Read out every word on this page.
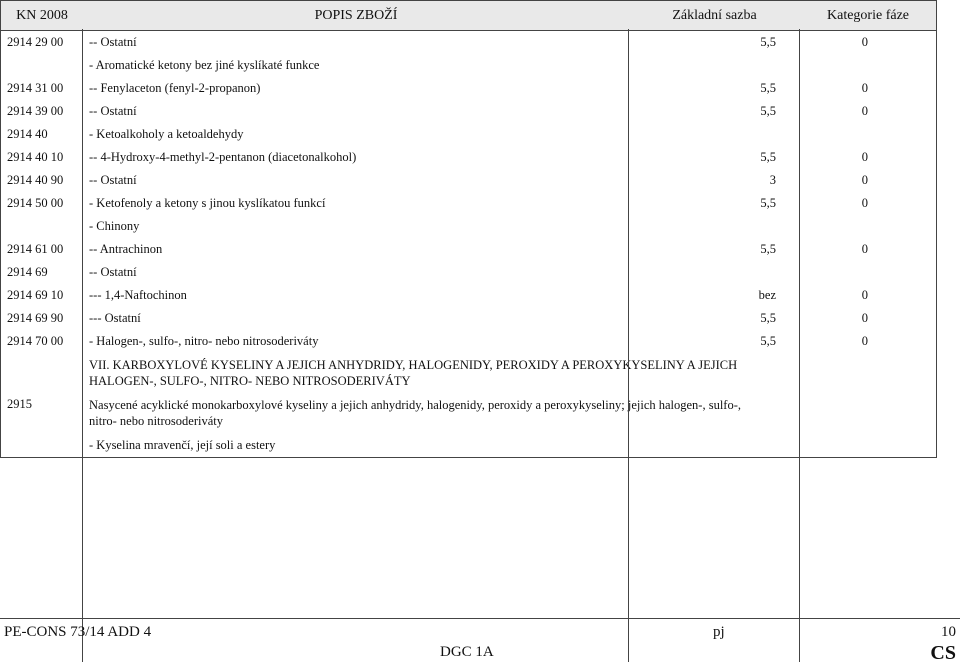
KN 2008	POPIS ZBOŽÍ	Základní sazba	Kategorie fáze
2914 29 00	-- Ostatní	5,5	0
- Aromatické ketony bez jiné kyslíkaté funkce
2914 31 00	-- Fenylaceton (fenyl-2-propanon)	5,5	0
2914 39 00	-- Ostatní	5,5	0
2914 40	- Ketoalkoholy a ketoaldehydy
2914 40 10	-- 4-Hydroxy-4-methyl-2-pentanon (diacetonalkohol)	5,5	0
2914 40 90	-- Ostatní	3	0
2914 50 00	- Ketofenoly a ketony s jinou kyslíkatou funkcí	5,5	0
- Chinony
2914 61 00	-- Antrachinon	5,5	0
2914 69	-- Ostatní
2914 69 10	--- 1,4-Naftochinon	bez	0
2914 69 90	--- Ostatní	5,5	0
2914 70 00	- Halogen-, sulfo-, nitro- nebo nitrosoderiváty	5,5	0
VII. KARBOXYLOVÉ KYSELINY A JEJICH ANHYDRIDY, HALOGENIDY, PEROXIDY A PEROXYKYSELINY A JEJICH HALOGEN-, SULFO-, NITRO- NEBO NITROSODERIVÁTY
2915	Nasycené acyklické monokarboxylové kyseliny a jejich anhydridy, halogenidy, peroxidy a peroxykyseliny; jejich halogen-, sulfo-, nitro- nebo nitrosoderiváty
- Kyselina mravenčí, její soli a estery
PE-CONS 73/14 ADD 4	pj	10
DGC 1A	CS
